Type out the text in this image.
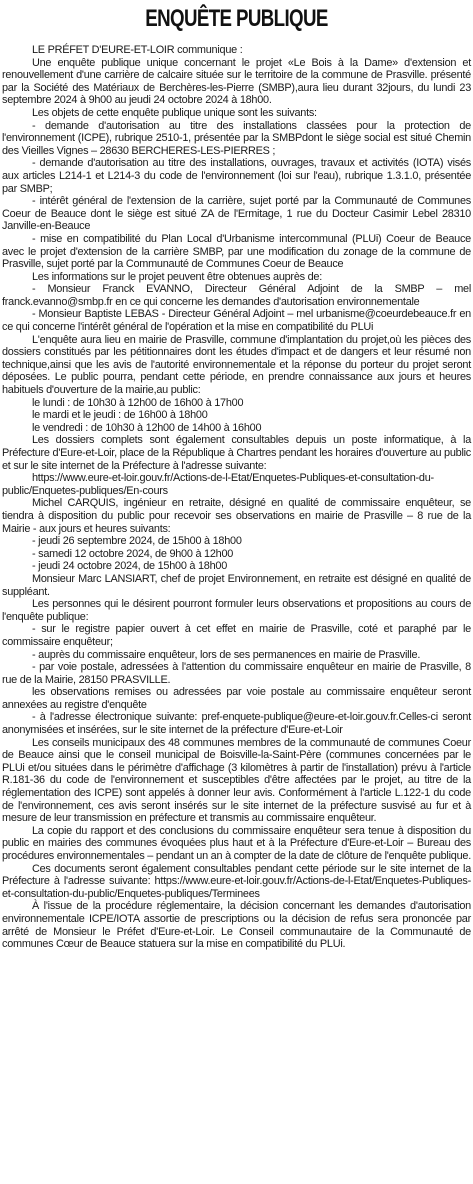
ENQUÊTE PUBLIQUE

LE PRÉFET D'EURE-ET-LOIR communique :

Une enquête publique unique concernant le projet «Le Bois à la Dame» d'extension et renouvellement d'une carrière de calcaire située sur le territoire de la commune de Prasville. présenté par la Société des Matériaux de Berchères-les-Pierre (SMBP),aura lieu durant 32jours, du lundi 23 septembre 2024 à 9h00 au jeudi 24 octobre 2024 à 18h00.

Les objets de cette enquête publique unique sont les suivants:

- demande d'autorisation au titre des installations classées pour la protection de l'environnement (ICPE), rubrique 2510-1, présentée par la SMBPdont le siège social est situé Chemin des Vieilles Vignes – 28630 BERCHERES-LES-PIERRES ;

- demande d'autorisation au titre des installations, ouvrages, travaux et activités (IOTA) visés aux articles L214-1 et L214-3 du code de l'environnement (loi sur l'eau), rubrique 1.3.1.0, présentée par SMBP;

- intérêt général de l'extension de la carrière, sujet porté par la Communauté de Communes Coeur de Beauce dont le siège est situé ZA de l'Ermitage, 1 rue du Docteur Casimir Lebel 28310 Janville-en-Beauce

- mise en compatibilité du Plan Local d'Urbanisme intercommunal (PLUi) Coeur de Beauce avec le projet d'extension de la carrière SMBP, par une modification du zonage de la commune de Prasville, sujet porté par la Communauté de Communes Coeur de Beauce

Les informations sur le projet peuvent être obtenues auprès de:

- Monsieur Franck EVANNO, Directeur Général Adjoint de la SMBP – mel franck.evanno@smbp.fr en ce qui concerne les demandes d'autorisation environnementale

- Monsieur Baptiste LEBAS - Directeur Général Adjoint – mel urbanisme@coeurdebeauce.fr en ce qui concerne l'intérêt général de l'opération et la mise en compatibilité du PLUi

L'enquête aura lieu en mairie de Prasville, commune d'implantation du projet,où les pièces des dossiers constitués par les pétitionnaires dont les études d'impact et de dangers et leur résumé non technique,ainsi que les avis de l'autorité environnementale et la réponse du porteur du projet seront déposées. Le public pourra, pendant cette période, en prendre connaissance aux jours et heures habituels d'ouverture de la mairie,au public:

le lundi : de 10h30 à 12h00 de 16h00 à 17h00

le mardi et le jeudi : de 16h00 à 18h00

le vendredi : de 10h30 à 12h00 de 14h00 à 16h00

Les dossiers complets sont également consultables depuis un poste informatique, à la Préfecture d'Eure-et-Loir, place de la République à Chartres pendant les horaires d'ouverture au public et sur le site internet de la Préfecture à l'adresse suivante:

https://www.eure-et-loir.gouv.fr/Actions-de-l-Etat/Enquetes-Publiques-et-consultation-du-public/Enquetes-publiques/En-cours

Michel CARQUIS, ingénieur en retraite, désigné en qualité de commissaire enquêteur, se tiendra à disposition du public pour recevoir ses observations en mairie de Prasville – 8 rue de la Mairie - aux jours et heures suivants:

- jeudi 26 septembre 2024, de 15h00 à 18h00

- samedi 12 octobre 2024, de 9h00 à 12h00

- jeudi 24 octobre 2024, de 15h00 à 18h00

Monsieur Marc LANSIART, chef de projet Environnement, en retraite est désigné en qualité de suppléant.

Les personnes qui le désirent pourront formuler leurs observations et propositions au cours de l'enquête publique:

- sur le registre papier ouvert à cet effet en mairie de Prasville, coté et paraphé par le commissaire enquêteur;

- auprès du commissaire enquêteur, lors de ses permanences en mairie de Prasville.

- par voie postale, adressées à l'attention du commissaire enquêteur en mairie de Prasville, 8 rue de la Mairie, 28150 PRASVILLE.

les observations remises ou adressées par voie postale au commissaire enquêteur seront annexées au registre d'enquête

- à l'adresse électronique suivante: pref-enquete-publique@eure-et-loir.gouv.fr.Celles-ci seront anonymisées et insérées, sur le site internet de la préfecture d'Eure-et-Loir

Les conseils municipaux des 48 communes membres de la communauté de communes Coeur de Beauce ainsi que le conseil municipal de Boisville-la-Saint-Père (communes concernées par le PLUi et/ou situées dans le périmètre d'affichage (3 kilomètres à partir de l'installation) prévu à l'article R.181-36 du code de l'environnement et susceptibles d'être affectées par le projet, au titre de la réglementation des ICPE) sont appelés à donner leur avis. Conformément à l'article L.122-1 du code de l'environnement, ces avis seront insérés sur le site internet de la préfecture susvisé au fur et à mesure de leur transmission en préfecture et transmis au commissaire enquêteur.

La copie du rapport et des conclusions du commissaire enquêteur sera tenue à disposition du public en mairies des communes évoquées plus haut et à la Préfecture d'Eure-et-Loir – Bureau des procédures environnementales – pendant un an à compter de la date de clôture de l'enquête publique.

Ces documents seront également consultables pendant cette période sur le site internet de la Préfecture à l'adresse suivante: https://www.eure-et-loir.gouv.fr/Actions-de-l-Etat/Enquetes-Publiques-et-consultation-du-public/Enquetes-publiques/Terminees

À l'issue de la procédure réglementaire, la décision concernant les demandes d'autorisation environnementale ICPE/IOTA assortie de prescriptions ou la décision de refus sera prononcée par arrêté de Monsieur le Préfet d'Eure-et-Loir. Le Conseil communautaire de la Communauté de communes Cœur de Beauce statuera sur la mise en compatibilité du PLUi.
